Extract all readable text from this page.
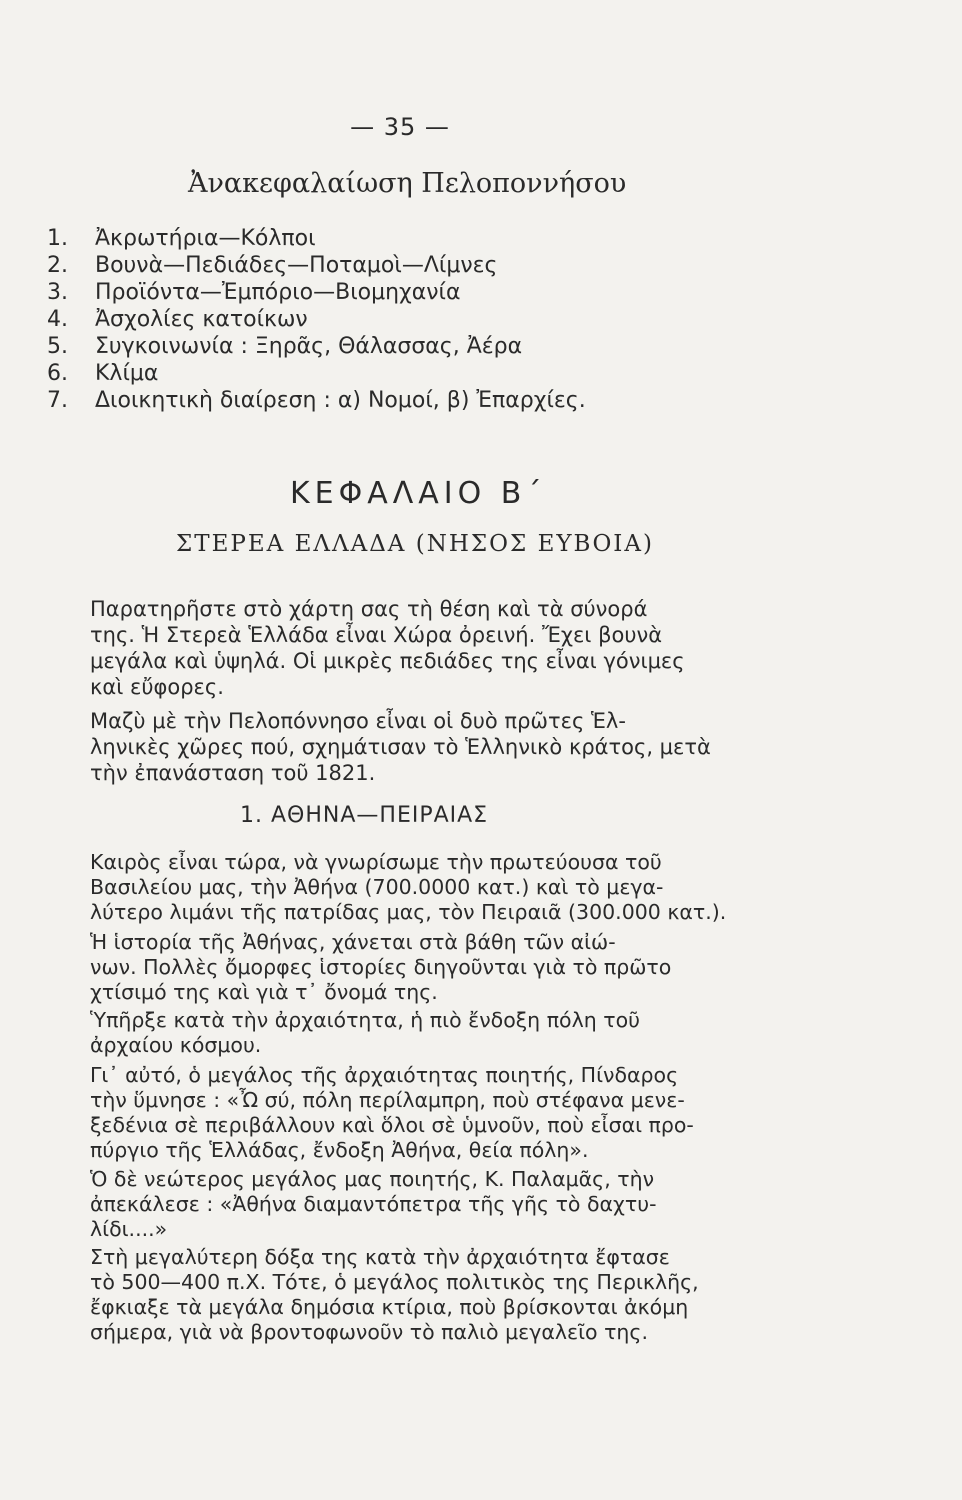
— 35 —
Ἀνακεφαλαίωση Πελοποννήσου
1. Ἀκρωτήρια—Κόλποι
2. Βουνὰ—Πεδιάδες—Ποταμοὶ—Λίμνες
3. Προϊόντα—Ἐμπόριο—Βιομηχανία
4. Ἀσχολίες κατοίκων
5. Συγκοινωνία : Ξηρᾶς, Θάλασσας, Ἀέρα
6. Κλίμα
7. Διοικητικὴ διαίρεση : α) Νομοί, β) Ἐπαρχίες.
ΚΕΦΑΛΑΙΟ Β΄
ΣΤΕΡΕΑ ΕΛΛΑΔΑ (ΝΗΣΟΣ ΕΥΒΟΙΑ)
Παρατηρῆστε στὸ χάρτη σας τὴ θέση καὶ τὰ σύνορά
της. Ἡ Στερεὰ Ἑλλάδα εἶναι Χώρα ὀρεινή. Ἔχει βουνὰ
μεγάλα καὶ ὑψηλά. Οἱ μικρὲς πεδιάδες της εἶναι γόνιμες
καὶ εὔφορες.
Μαζὺ μὲ τὴν Πελοπόννησο εἶναι οἱ δυὸ πρῶτες Ἑλ-
ληνικὲς χῶρες πού, σχημάτισαν τὸ Ἑλληνικὸ κράτος, μετὰ
τὴν ἐπανάσταση τοῦ 1821.
1. ΑΘΗΝΑ—ΠΕΙΡΑΙΑΣ
Καιρὸς εἶναι τώρα, νὰ γνωρίσωμε τὴν πρωτεύουσα τοῦ
Βασιλείου μας, τὴν Ἀθήνα (700.0000 κατ.) καὶ τὸ μεγα-
λύτερο λιμάνι τῆς πατρίδας μας, τὸν Πειραιᾶ (300.000 κατ.).
Ἡ ἱστορία τῆς Ἀθήνας, χάνεται στὰ βάθη τῶν αἰώ-
νων. Πολλὲς ὄμορφες ἱστορίες διηγοῦνται γιὰ τὸ πρῶτο
χτίσιμό της καὶ γιὰ τ᾿ ὄνομά της.
Ὑπῆρξε κατὰ τὴν ἀρχαιότητα, ἡ πιὸ ἔνδοξη πόλη τοῦ
ἀρχαίου κόσμου.
Γι᾿ αὐτό, ὁ μεγάλος τῆς ἀρχαιότητας ποιητής, Πίνδαρος
τὴν ὕμνησε : «Ὦ σύ, πόλη περίλαμπρη, ποὺ στέφανα μενε-
ξεδένια σὲ περιβάλλουν καὶ ὅλοι σὲ ὑμνοῦν, ποὺ εἶσαι προ-
πύργιο τῆς Ἑλλάδας, ἔνδοξη Ἀθήνα, θεία πόλη».
Ὁ δὲ νεώτερος μεγάλος μας ποιητής, Κ. Παλαμᾶς, τὴν
ἀπεκάλεσε : «Ἀθήνα διαμαντόπετρα τῆς γῆς τὸ δαχτυ-
λίδι....»
Στὴ μεγαλύτερη δόξα της κατὰ τὴν ἀρχαιότητα ἔφτασε
τὸ 500—400 π.Χ. Τότε, ὁ μεγάλος πολιτικὸς της Περικλῆς,
ἔφκιαξε τὰ μεγάλα δημόσια κτίρια, ποὺ βρίσκονται ἀκόμη
σήμερα, γιὰ νὰ βροντοφωνοῦν τὸ παλιὸ μεγαλεῖο της.
